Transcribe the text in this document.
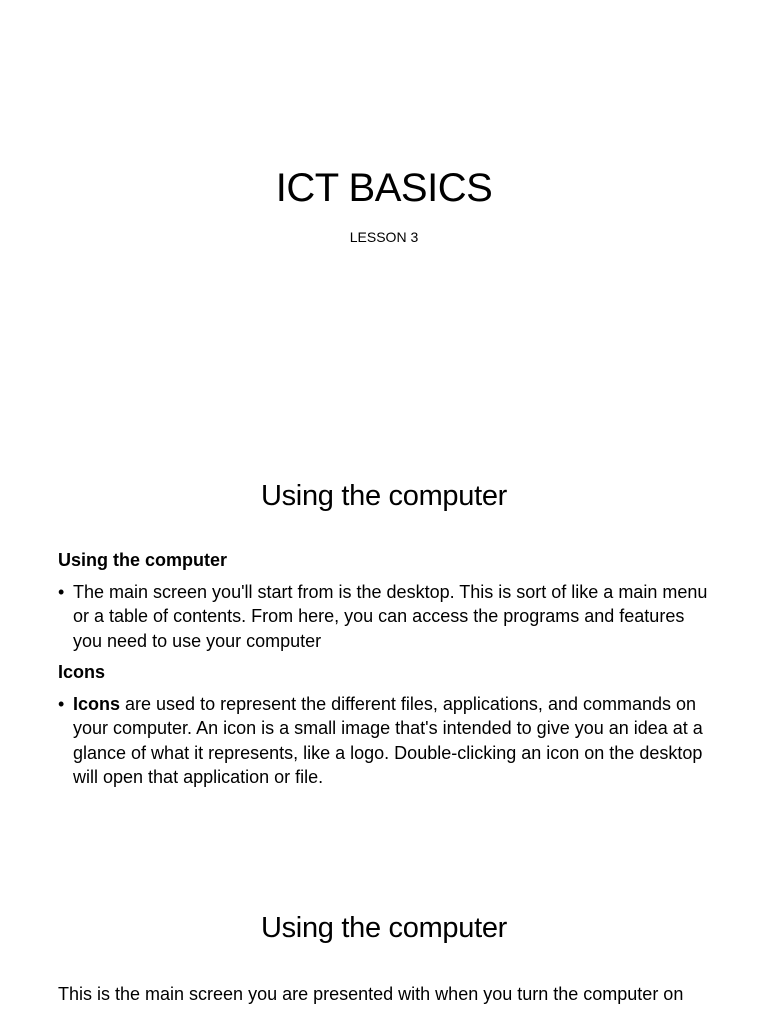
ICT BASICS
LESSON 3
Using the computer
Using the computer
• The main screen you'll start from is the desktop. This is sort of like a main menu or a table of contents. From here, you can access the programs and features you need to use your computer
Icons
• Icons are used to represent the different files, applications, and commands on your computer. An icon is a small image that's intended to give you an idea at a glance of what it represents, like a logo. Double-clicking an icon on the desktop will open that application or file.
Using the computer

This is the main screen you are presented with when you turn the computer on
